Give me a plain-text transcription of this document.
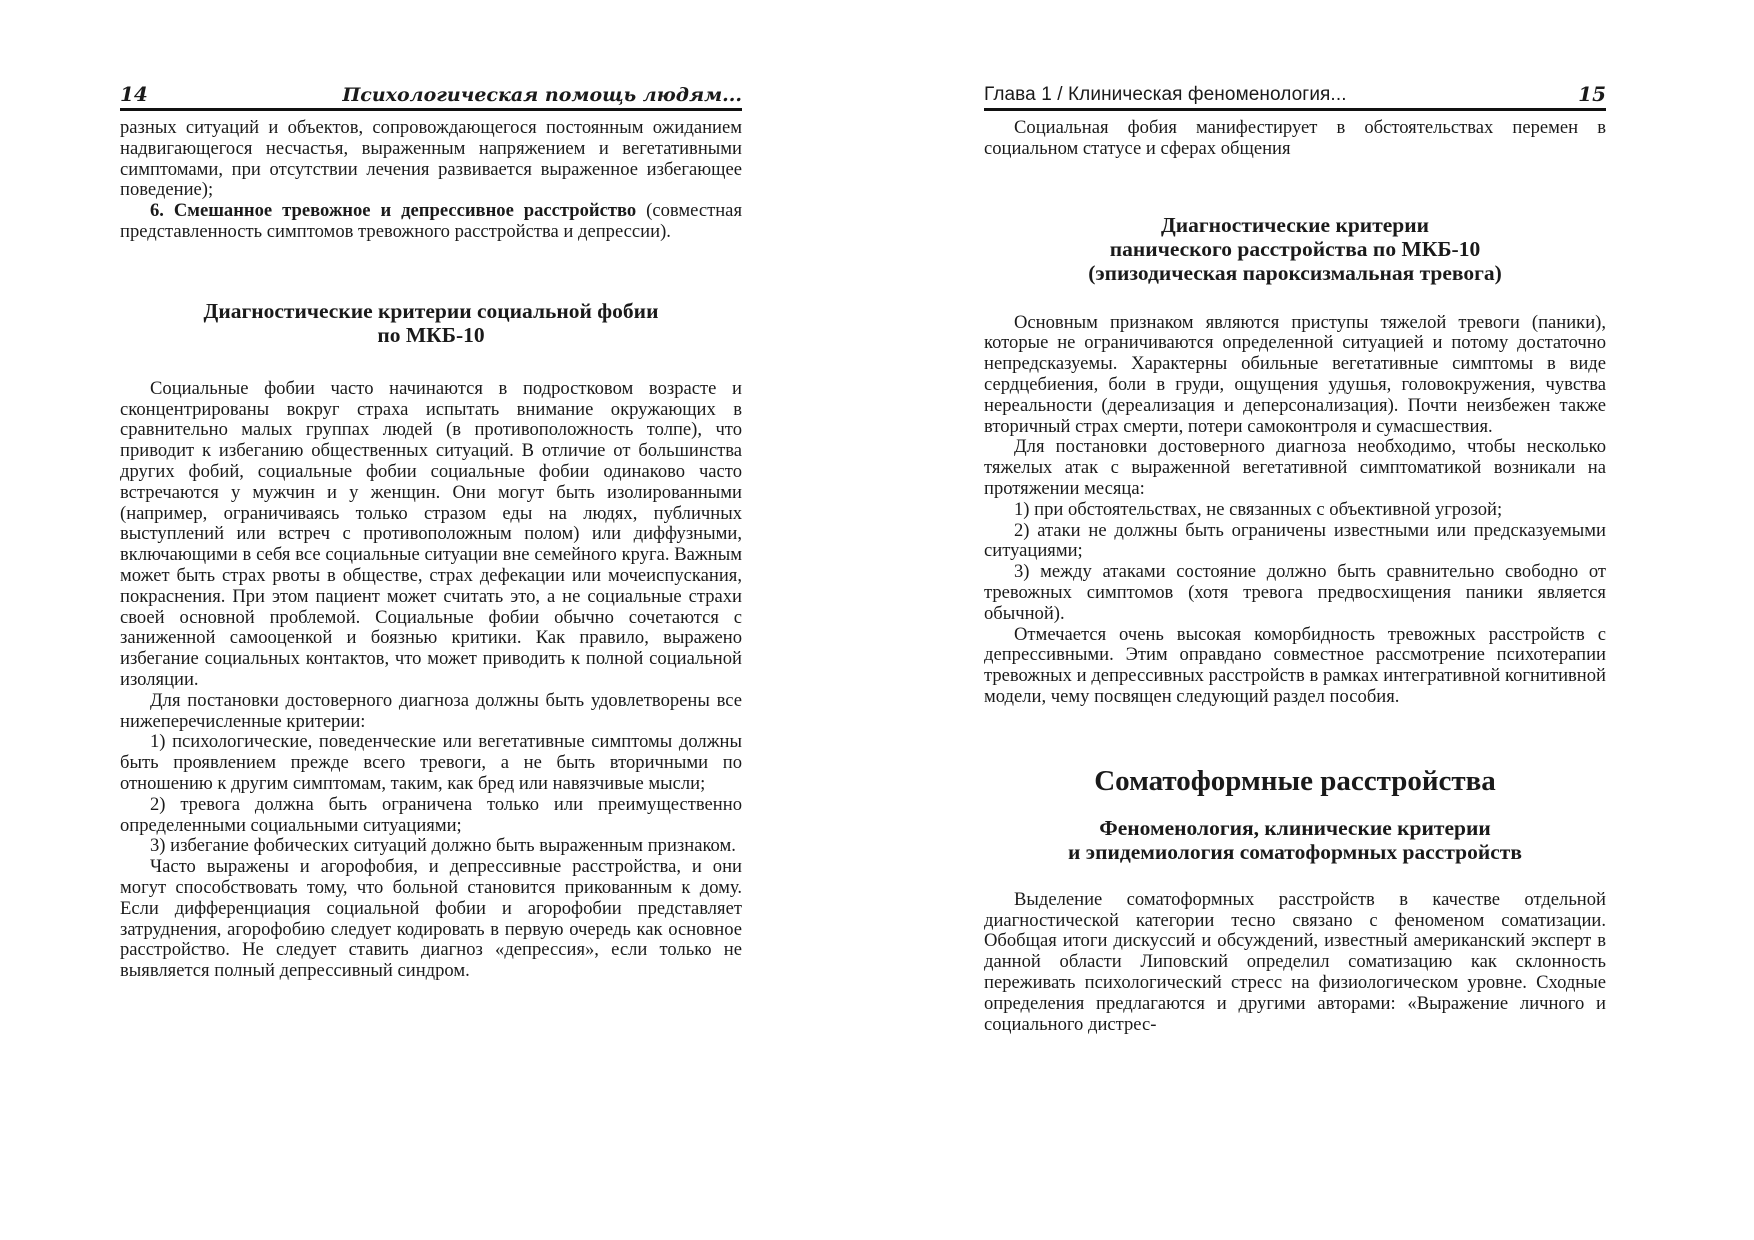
14	Психологическая помощь людям...

разных ситуаций и объектов, сопровождающегося постоянным ожиданием надвигающегося несчастья, выраженным напряжением и вегетативными симптомами, при отсутствии лечения развивается выраженное избегающее поведение);

6. Смешанное тревожное и депрессивное расстройство (совместная представленность симптомов тревожного расстройства и депрессии).

Диагностические критерии социальной фобии
по МКБ-10

Социальные фобии часто начинаются в подростковом возрасте и сконцентрированы вокруг страха испытать внимание окружающих в сравнительно малых группах людей (в противоположность толпе), что приводит к избеганию общественных ситуаций. В отличие от большинства других фобий, социальные фобии социальные фобии одинаково часто встречаются у мужчин и у женщин. Они могут быть изолированными (например, ограничиваясь только стразом еды на людях, публичных выступлений или встреч с противоположным полом) или диффузными, включающими в себя все социальные ситуации вне семейного круга. Важным может быть страх рвоты в обществе, страх дефекации или мочеиспускания, покраснения. При этом пациент может считать это, а не социальные страхи своей основной проблемой. Социальные фобии обычно сочетаются с заниженной самооценкой и боязнью критики. Как правило, выражено избегание социальных контактов, что может приводить к полной социальной изоляции.

Для постановки достоверного диагноза должны быть удовлетворены все нижеперечисленные критерии:

1) психологические, поведенческие или вегетативные симптомы должны быть проявлением прежде всего тревоги, а не быть вторичными по отношению к другим симптомам, таким, как бред или навязчивые мысли;

2) тревога должна быть ограничена только или преимущественно определенными социальными ситуациями;

3) избегание фобических ситуаций должно быть выраженным признаком.

Часто выражены и агорофобия, и депрессивные расстройства, и они могут способствовать тому, что больной становится прикованным к дому. Если дифференциация социальной фобии и агорофобии представляет затруднения, агорофобию следует кодировать в первую очередь как основное расстройство. Не следует ставить диагноз «депрессия», если только не выявляется полный депрессивный синдром.

Глава 1 / Клиническая феноменология...	15

Социальная фобия манифестирует в обстоятельствах перемен в социальном статусе и сферах общения

Диагностические критерии
панического расстройства по МКБ-10
(эпизодическая пароксизмальная тревога)

Основным признаком являются приступы тяжелой тревоги (паники), которые не ограничиваются определенной ситуацией и потому достаточно непредсказуемы. Характерны обильные вегетативные симптомы в виде сердцебиения, боли в груди, ощущения удушья, головокружения, чувства нереальности (дереализация и деперсонализация). Почти неизбежен также вторичный страх смерти, потери самоконтроля и сумасшествия.

Для постановки достоверного диагноза необходимо, чтобы несколько тяжелых атак с выраженной вегетативной симптоматикой возникали на протяжении месяца:

1) при обстоятельствах, не связанных с объективной угрозой;

2) атаки не должны быть ограничены известными или предсказуемыми ситуациями;

3) между атаками состояние должно быть сравнительно свободно от тревожных симптомов (хотя тревога предвосхищения паники является обычной).

Отмечается очень высокая коморбидность тревожных расстройств с депрессивными. Этим оправдано совместное рассмотрение психотерапии тревожных и депрессивных расстройств в рамках интегративной когнитивной модели, чему посвящен следующий раздел пособия.

Соматоформные расстройства
Феноменология, клинические критерии
и эпидемиология соматоформных расстройств

Выделение соматоформных расстройств в качестве отдельной диагностической категории тесно связано с феноменом соматизации. Обобщая итоги дискуссий и обсуждений, известный американский эксперт в данной области Липовский определил соматизацию как склонность переживать психологический стресс на физиологическом уровне. Сходные определения предлагаются и другими авторами: «Выражение личного и социального дистрес-
